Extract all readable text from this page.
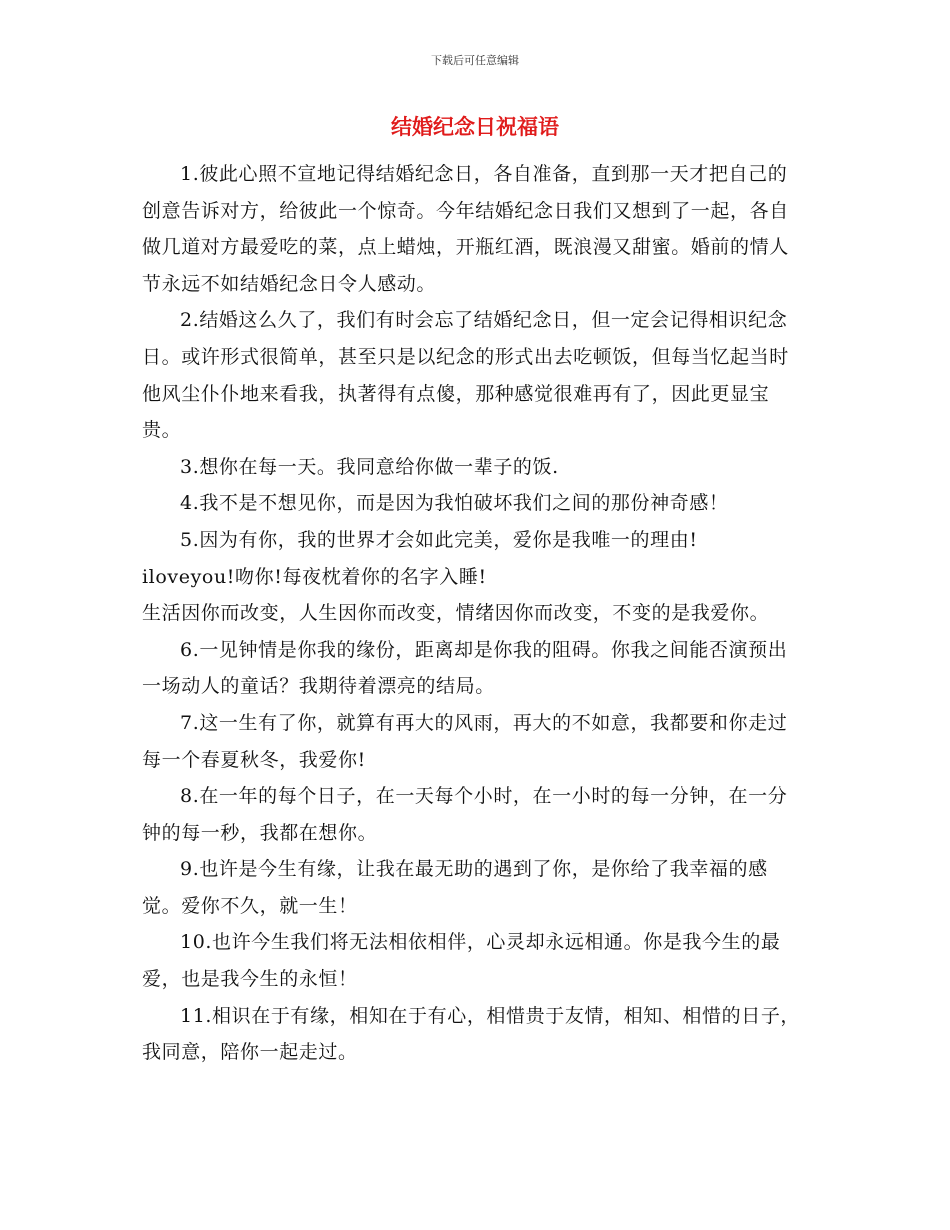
下载后可任意编辑
结婚纪念日祝福语

1.彼此心照不宣地记得结婚纪念日，各自准备，直到那一天才把自己的创意告诉对方，给彼此一个惊奇。今年结婚纪念日我们又想到了一起，各自做几道对方最爱吃的菜，点上蜡烛，开瓶红酒，既浪漫又甜蜜。婚前的情人节永远不如结婚纪念日令人感动。

2.结婚这么久了，我们有时会忘了结婚纪念日，但一定会记得相识纪念日。或许形式很简单，甚至只是以纪念的形式出去吃顿饭，但每当忆起当时他风尘仆仆地来看我，执著得有点傻，那种感觉很难再有了，因此更显宝贵。

3.想你在每一天。我同意给你做一辈子的饭.

4.我不是不想见你，而是因为我怕破坏我们之间的那份神奇感！

5.因为有你，我的世界才会如此完美，爱你是我唯一的理由!

iloveyou!吻你!每夜枕着你的名字入睡!

生活因你而改变，人生因你而改变，情绪因你而改变，不变的是我爱你。

6.一见钟情是你我的缘份，距离却是你我的阻碍。你我之间能否演预出一场动人的童话？我期待着漂亮的结局。

7.这一生有了你，就算有再大的风雨，再大的不如意，我都要和你走过每一个春夏秋冬，我爱你!

8.在一年的每个日子，在一天每个小时，在一小时的每一分钟，在一分钟的每一秒，我都在想你。

9.也许是今生有缘，让我在最无助的遇到了你，是你给了我幸福的感觉。爱你不久，就一生！

10.也许今生我们将无法相依相伴，心灵却永远相通。你是我今生的最爱，也是我今生的永恒！

11.相识在于有缘，相知在于有心，相惜贵于友情，相知、相惜的日子，我同意，陪你一起走过。
